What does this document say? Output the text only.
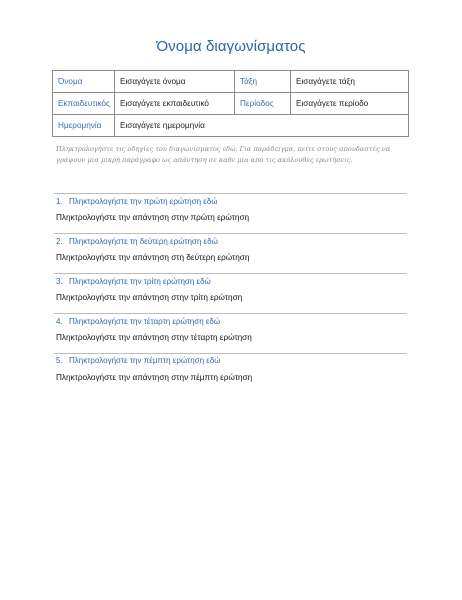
Όνομα διαγωνίσματος
Όνομα	Εισαγάγετε όνομα	Τάξη	Εισαγάγετε τάξη
Εκπαιδευτικός	Εισαγάγετε εκπαιδευτικό	Περίοδος	Εισαγάγετε περίοδο
Ημερομηνία	Εισαγάγετε ημερομηνία		
Πληκτρολογήστε τις οδηγίες του διαγωνίσματος εδώ. Για παράδειγμα, πείτε στους σπουδαστές να γράψουν μια μικρή παράγραφο ως απάντηση σε κάθε μία από τις ακόλουθες ερωτήσεις.
1. Πληκτρολογήστε την πρώτη ερώτηση εδώ
Πληκτρολογήστε την απάντηση στην πρώτη ερώτηση
2. Πληκτρολογήστε τη δεύτερη ερώτηση εδώ
Πληκτρολογήστε την απάντηση στη δεύτερη ερώτηση
3. Πληκτρολογήστε την τρίτη ερώτηση εδώ
Πληκτρολογήστε την απάντηση στην τρίτη ερώτηση
4. Πληκτρολογήστε την τέταρτη ερώτηση εδώ
Πληκτρολογήστε την απάντηση στην τέταρτη ερώτηση
5. Πληκτρολογήστε την πέμπτη ερώτηση εδώ
Πληκτρολογήστε την απάντηση στην πέμπτη ερώτηση
